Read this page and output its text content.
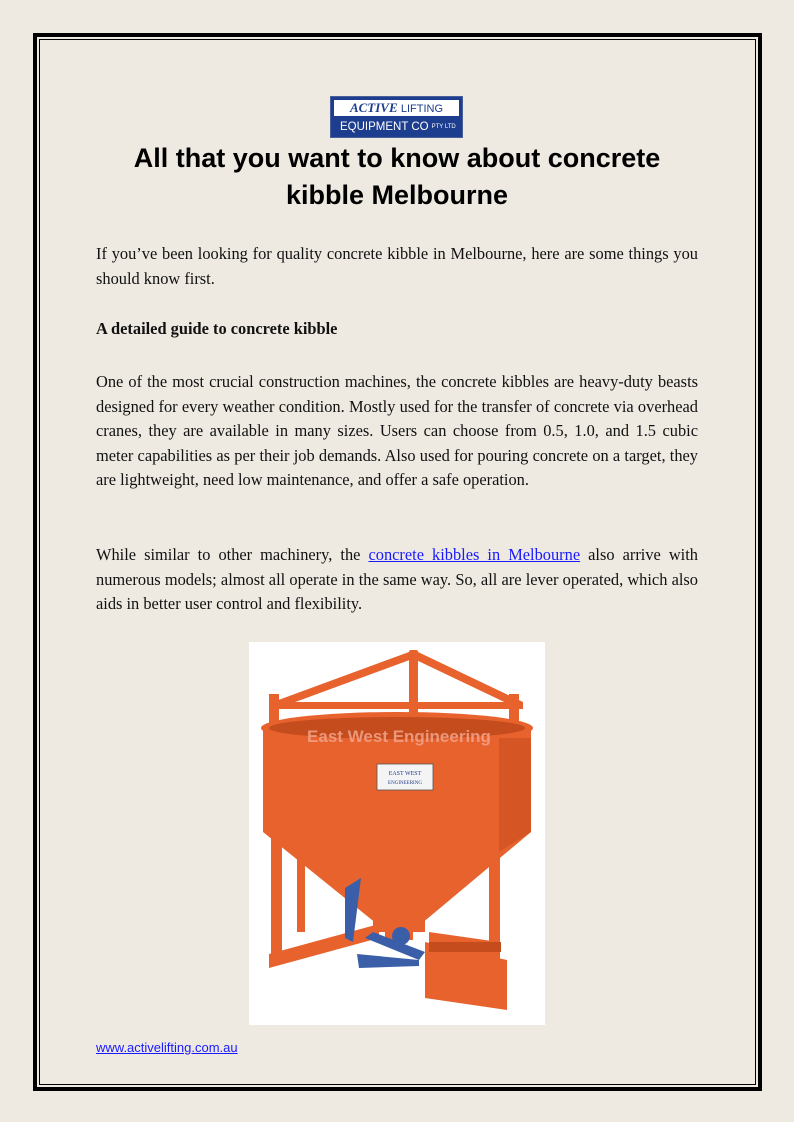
ACTIVE LIFTING
EQUIPMENT CO PTY LTD
All that you want to know about concrete kibble Melbourne

If you’ve been looking for quality concrete kibble in Melbourne, here are some things you should know first.

A detailed guide to concrete kibble

One of the most crucial construction machines, the concrete kibbles are heavy-duty beasts designed for every weather condition. Mostly used for the transfer of concrete via overhead cranes, they are available in many sizes. Users can choose from 0.5, 1.0, and 1.5 cubic meter capabilities as per their job demands. Also used for pouring concrete on a target, they are lightweight, need low maintenance, and offer a safe operation.

While similar to other machinery, the concrete kibbles in Melbourne also arrive with numerous models; almost all operate in the same way. So, all are lever operated, which also aids in better user control and flexibility.

East West Engineering
EAST WEST
ENGINEERING

www.activelifting.com.au
